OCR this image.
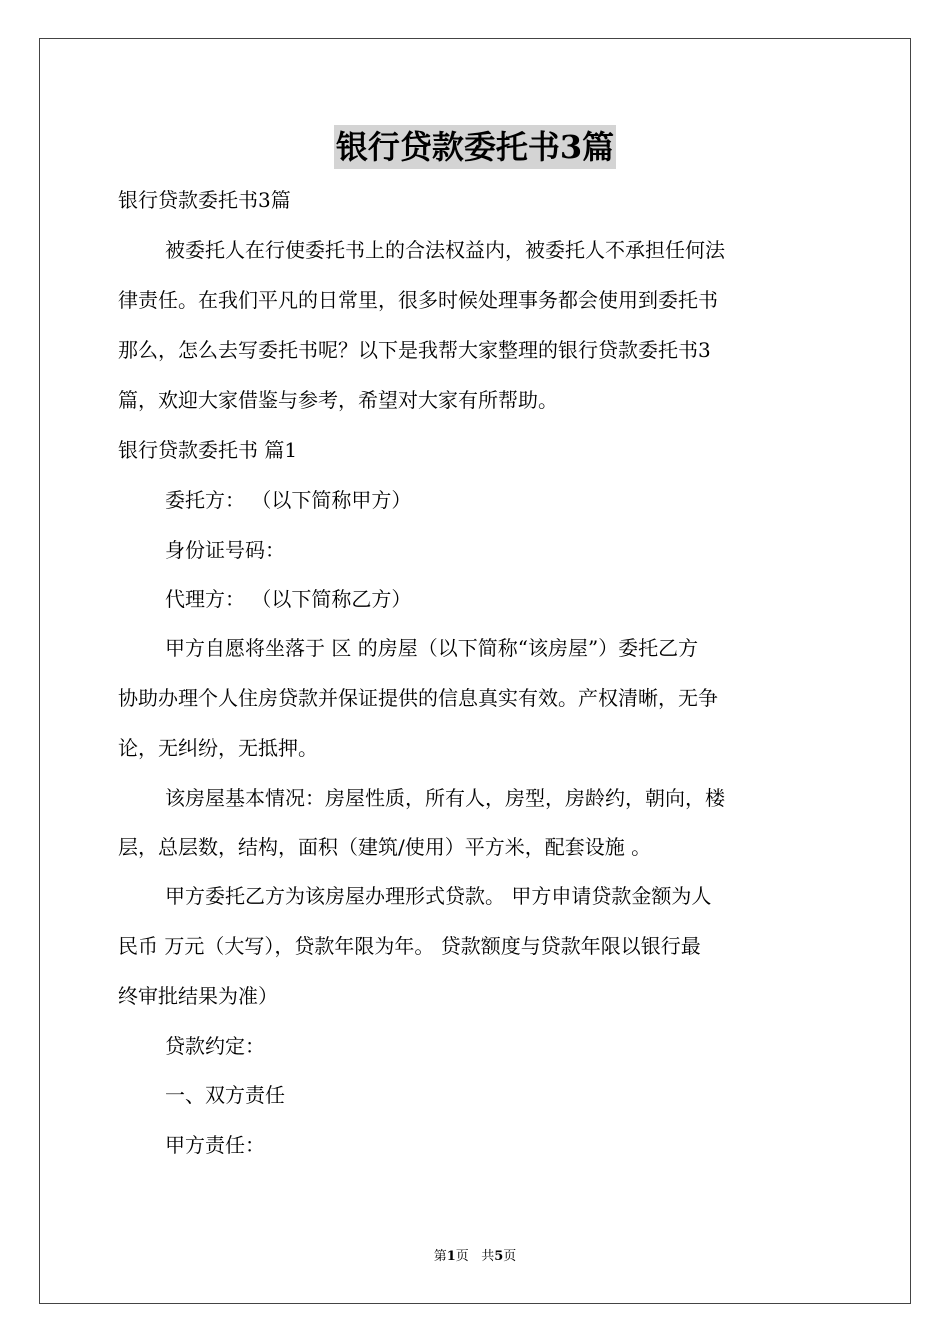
银行贷款委托书3篇
银行贷款委托书3篇
被委托人在行使委托书上的合法权益内，被委托人不承担任何法
律责任。在我们平凡的日常里，很多时候处理事务都会使用到委托书
那么，怎么去写委托书呢？以下是我帮大家整理的银行贷款委托书3
篇，欢迎大家借鉴与参考，希望对大家有所帮助。
银行贷款委托书 篇1
委托方： （以下简称甲方）
身份证号码：
代理方： （以下简称乙方）
甲方自愿将坐落于 区 的房屋（以下简称“该房屋”）委托乙方
协助办理个人住房贷款并保证提供的信息真实有效。产权清晰，无争
论，无纠纷，无抵押。
该房屋基本情况：房屋性质，所有人，房型，房龄约，朝向，楼
层，总层数，结构，面积（建筑/使用）平方米，配套设施 。
甲方委托乙方为该房屋办理形式贷款。 甲方申请贷款金额为人
民币 万元（大写），贷款年限为年。 贷款额度与贷款年限以银行最
终审批结果为准）
贷款约定：
一、双方责任
甲方责任：
第1页 共5页
